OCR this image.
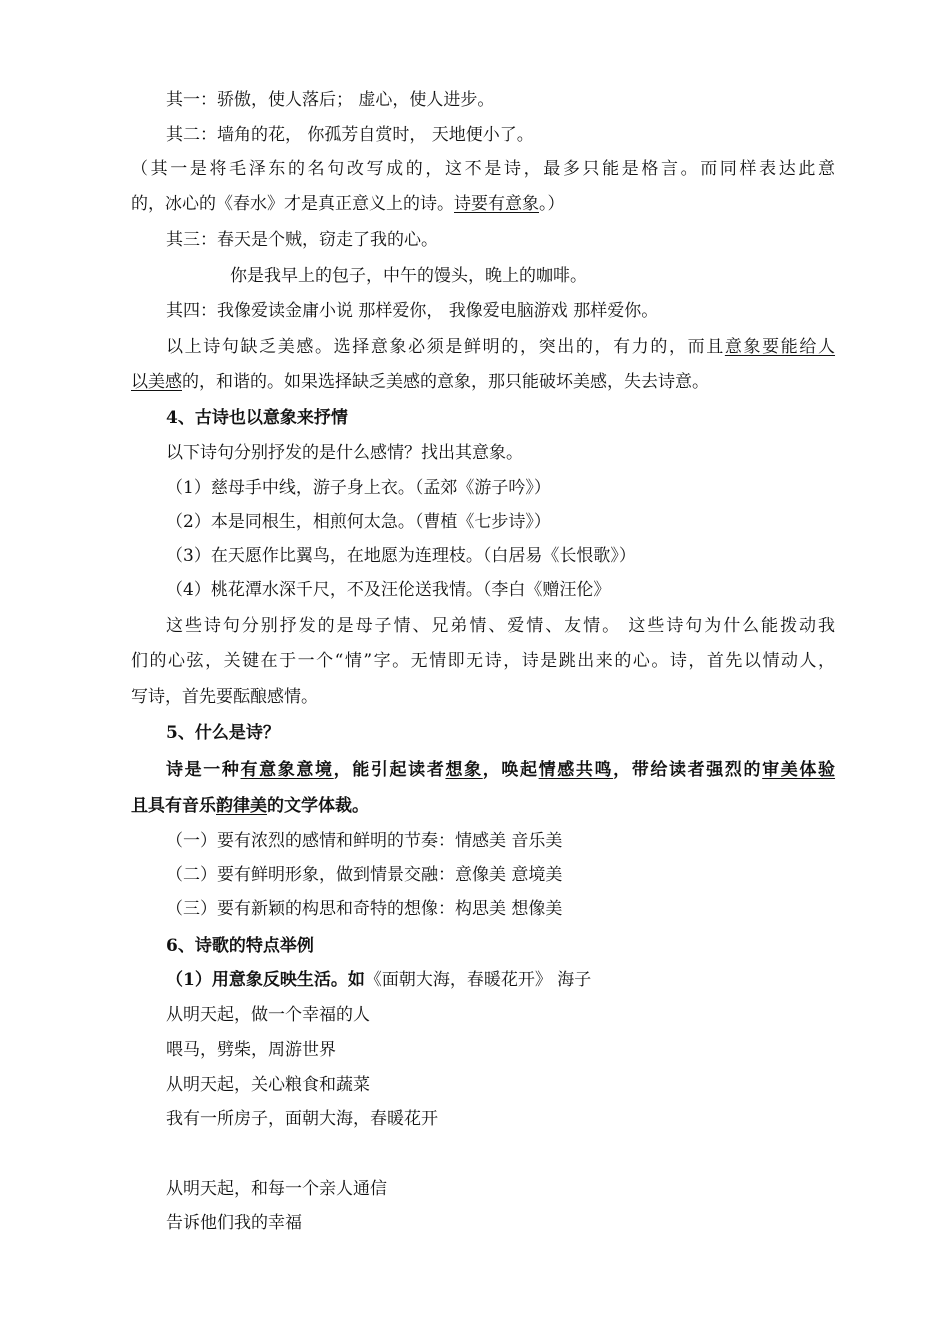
其一：骄傲，使人落后； 虚心，使人进步。
其二：墙角的花， 你孤芳自赏时， 天地便小了。
（其一是将毛泽东的名句改写成的，这不是诗，最多只能是格言。而同样表达此意
的，冰心的《春水》才是真正意义上的诗。诗要有意象。）
其三：春天是个贼，窃走了我的心。
你是我早上的包子，中午的馒头，晚上的咖啡。
其四：我像爱读金庸小说 那样爱你， 我像爱电脑游戏 那样爱你。
以上诗句缺乏美感。选择意象必须是鲜明的，突出的，有力的，而且意象要能给人
以美感的，和谐的。如果选择缺乏美感的意象，那只能破坏美感，失去诗意。
4、古诗也以意象来抒情
以下诗句分别抒发的是什么感情？找出其意象。
（1）慈母手中线，游子身上衣。（孟郊《游子吟》）
（2）本是同根生，相煎何太急。（曹植《七步诗》）
（3）在天愿作比翼鸟，在地愿为连理枝。（白居易《长恨歌》）
（4）桃花潭水深千尺，不及汪伦送我情。（李白《赠汪伦》
这些诗句分别抒发的是母子情、兄弟情、爱情、友情。 这些诗句为什么能拨动我
们的心弦，关键在于一个“情”字。无情即无诗，诗是跳出来的心。诗，首先以情动人，
写诗，首先要酝酿感情。
5、什么是诗？
诗是一种有意象意境，能引起读者想象，唤起情感共鸣，带给读者强烈的审美体验
且具有音乐韵律美的文学体裁。
（一）要有浓烈的感情和鲜明的节奏：情感美 音乐美
（二）要有鲜明形象，做到情景交融：意像美 意境美
（三）要有新颖的构思和奇特的想像：构思美 想像美
6、诗歌的特点举例
（1）用意象反映生活。如《面朝大海，春暖花开》 海子
从明天起，做一个幸福的人
喂马，劈柴，周游世界
从明天起，关心粮食和蔬菜
我有一所房子，面朝大海，春暖花开
从明天起，和每一个亲人通信
告诉他们我的幸福
